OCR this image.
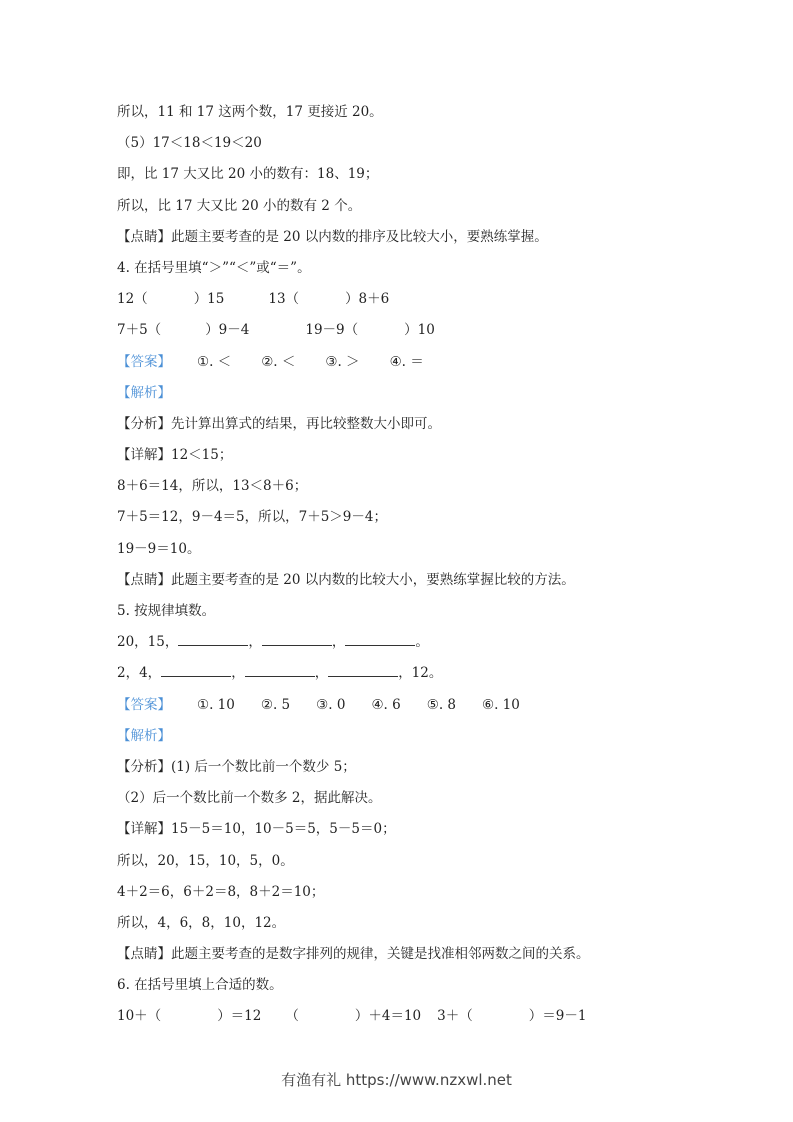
所以，11 和 17 这两个数，17 更接近 20。
（5）17＜18＜19＜20
即，比 17 大又比 20 小的数有：18、19；
所以，比 17 大又比 20 小的数有 2 个。
【点睛】此题主要考查的是 20 以内数的排序及比较大小，要熟练掌握。
4. 在括号里填“＞”“＜”或“＝”。
12（	）15	13（	）8＋6
7＋5（	）9－4	19－9（	）10
【答案】 ①. ＜ ②. ＜ ③. ＞ ④. ＝
【解析】
【分析】先计算出算式的结果，再比较整数大小即可。
【详解】12＜15；
8＋6＝14，所以，13＜8＋6；
7＋5＝12，9－4＝5，所以，7＋5＞9－4；
19－9＝10。
【点睛】此题主要考查的是 20 以内数的比较大小，要熟练掌握比较的方法。
5. 按规律填数。
20，15，	，	，	。
2，4，	，	，	，12。
【答案】 ①. 10 ②. 5 ③. 0 ④. 6 ⑤. 8 ⑥. 10
【解析】
【分析】(1) 后一个数比前一个数少 5；
（2）后一个数比前一个数多 2，据此解决。
【详解】15－5＝10，10－5＝5，5－5＝0；
所以，20，15，10，5，0。
4＋2＝6，6＋2＝8，8＋2＝10；
所以，4，6，8，10，12。
【点睛】此题主要考查的是数字排列的规律，关键是找准相邻两数之间的关系。
6. 在括号里填上合适的数。
10＋（	）＝12 （	）＋4＝10 3＋（	）＝9－1
有渔有礼 https://www.nzxwl.net
